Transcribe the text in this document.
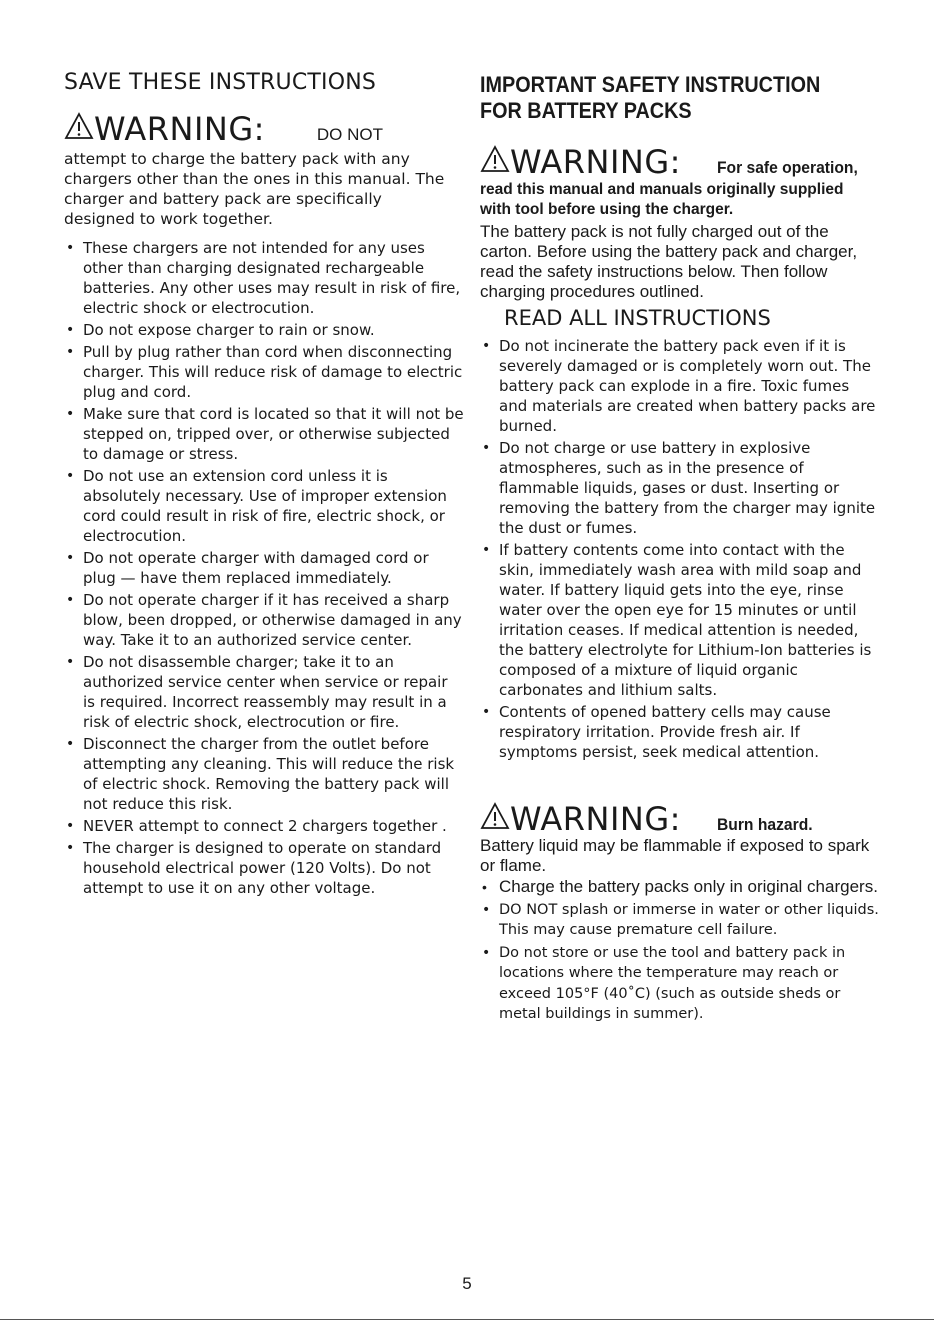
SAVE THESE INSTRUCTIONS
WARNING:	DO NOT
attempt to charge the battery pack with any chargers other than the ones in this manual. The charger and battery pack are specifically designed to work together.
• These chargers are not intended for any uses other than charging designated rechargeable batteries. Any other uses may result in risk of fire, electric shock or electrocution.
• Do not expose charger to rain or snow.
• Pull by plug rather than cord when disconnecting charger. This will reduce risk of damage to electric plug and cord.
• Make sure that cord is located so that it will not be stepped on, tripped over, or otherwise subjected to damage or stress.
• Do not use an extension cord unless it is absolutely necessary. Use of improper extension cord could result in risk of fire, electric shock, or electrocution.
• Do not operate charger with damaged cord or plug — have them replaced immediately.
• Do not operate charger if it has received a sharp blow, been dropped, or otherwise damaged in any way. Take it to an authorized service center.
• Do not disassemble charger; take it to an authorized service center when service or repair is required. Incorrect reassembly may result in a risk of electric shock, electrocution or fire.
• Disconnect the charger from the outlet before attempting any cleaning. This will reduce the risk of electric shock. Removing the battery pack will not reduce this risk.
• NEVER attempt to connect 2 chargers together .
• The charger is designed to operate on standard household electrical power (120 Volts). Do not attempt to use it on any other voltage.
IMPORTANT SAFETY INSTRUCTION
FOR BATTERY PACKS
WARNING: For safe operation,
read this manual and manuals originally supplied with tool before using the charger.
The battery pack is not fully charged out of the carton. Before using the battery pack and charger, read the safety instructions below. Then follow charging procedures outlined.
READ ALL INSTRUCTIONS
• Do not incinerate the battery pack even if it is severely damaged or is completely worn out. The battery pack can explode in a fire. Toxic fumes and materials are created when battery packs are burned.
• Do not charge or use battery in explosive atmospheres, such as in the presence of flammable liquids, gases or dust. Inserting or removing the battery from the charger may ignite the dust or fumes.
• If battery contents come into contact with the skin, immediately wash area with mild soap and water. If battery liquid gets into the eye, rinse water over the open eye for 15 minutes or until irritation ceases. If medical attention is needed, the battery electrolyte for Lithium-Ion batteries is composed of a mixture of liquid organic carbonates and lithium salts.
• Contents of opened battery cells may cause respiratory irritation. Provide fresh air. If symptoms persist, seek medical attention.
WARNING: Burn hazard.
Battery liquid may be flammable if exposed to spark or flame.
• Charge the battery packs only in original chargers.
• DO NOT splash or immerse in water or other liquids. This may cause premature cell failure.
• Do not store or use the tool and battery pack in locations where the temperature may reach or exceed 105°F (40˚C) (such as outside sheds or metal buildings in summer).
5
